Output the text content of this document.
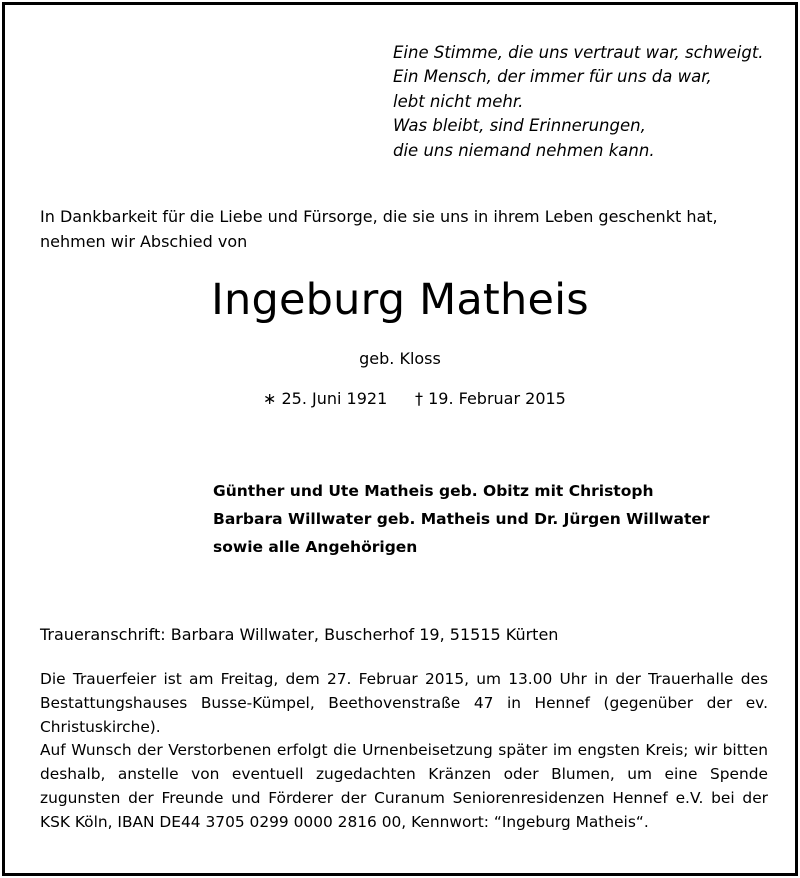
Eine Stimme, die uns vertraut war, schweigt.
Ein Mensch, der immer für uns da war,
lebt nicht mehr.
Was bleibt, sind Erinnerungen,
die uns niemand nehmen kann.
In Dankbarkeit für die Liebe und Fürsorge, die sie uns in ihrem Leben geschenkt hat,
nehmen wir Abschied von
Ingeburg Matheis
geb. Kloss
∗ 25. Juni 1921 † 19. Februar 2015
Günther und Ute Matheis geb. Obitz mit Christoph
Barbara Willwater geb. Matheis und Dr. Jürgen Willwater
sowie alle Angehörigen
Traueranschrift: Barbara Willwater, Buscherhof 19, 51515 Kürten

Die Trauerfeier ist am Freitag, dem 27. Februar 2015, um 13.00 Uhr in der Trauerhalle des Bestattungshauses Busse-Kümpel, Beethovenstraße 47 in Hennef (gegenüber der ev. Christuskirche).

Auf Wunsch der Verstorbenen erfolgt die Urnenbeisetzung später im engsten Kreis; wir bitten deshalb, anstelle von eventuell zugedachten Kränzen oder Blumen, um eine Spende zugunsten der Freunde und Förderer der Curanum Seniorenresidenzen Hennef e.V. bei der KSK Köln, IBAN DE44 3705 0299 0000 2816 00, Kennwort: “Ingeburg Matheis“.
